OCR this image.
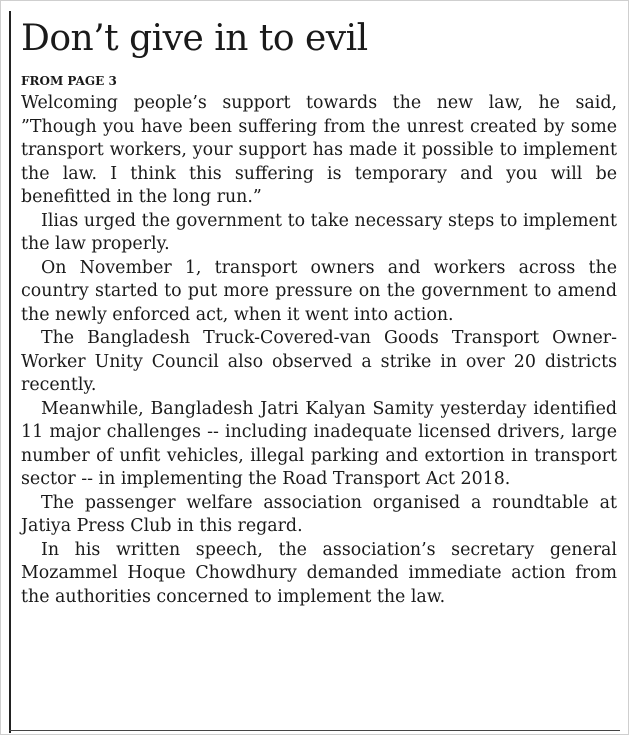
Don’t give in to evil
FROM PAGE 3

Welcoming people’s support towards the new law, he said, ”Though you have been suffering from the unrest created by some transport workers, your support has made it possible to implement the law. I think this suffering is temporary and you will be benefitted in the long run.”

Ilias urged the government to take necessary steps to implement the law properly.

On November 1, transport owners and workers across the country started to put more pressure on the government to amend the newly enforced act, when it went into action.

The Bangladesh Truck-Covered-van Goods Transport Owner-Worker Unity Council also observed a strike in over 20 districts recently.

Meanwhile, Bangladesh Jatri Kalyan Samity yesterday identified 11 major challenges -- including inadequate licensed drivers, large number of unfit vehicles, illegal parking and extortion in transport sector -- in implementing the Road Transport Act 2018.

The passenger welfare association organised a roundtable at Jatiya Press Club in this regard.

In his written speech, the association’s secretary general Mozammel Hoque Chowdhury demanded immediate action from the authorities concerned to implement the law.
